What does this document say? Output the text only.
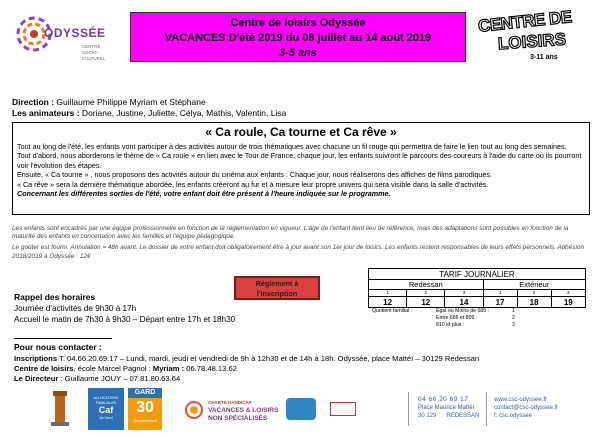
ODYSSÉE
CENTRE
SOCIO-
CULTUREL
Centre de loisirs Odyssée
VACANCES D'été 2019 du 08 juillet au 14 août 2019
3-5 ans
CENTRE DE
LOISIRS
3-11 ans
Direction : Guillaume Philippe Myriam et Stéphane
Les animateurs : Doriane, Justine, Juliette, Célya, Mathis, Valentin, Lisa
« Ca roule, Ca tourne et Ca rêve »

Tout au long de l'été, les enfants vont participer à des activités autour de trois thématiques avec chacune un fil rouge qui permettra de faire le lien tout au long des semaines.

Tout d'abord, nous aborderons le thème de « Ca roule » en lien avec le Tour de France, chaque jour, les enfants suivront le parcours des coureurs à l'aide du carte où ils pourront voir l'évolution des étapes.

Ensuite, « Ca tourne » , nous proposons des activités autour du cinéma aux enfants . Chaque jour, nous réaliserons des affiches de films parodiques.

« Ca rêve » sera la dernière thématique abordée, les enfants créeront au fur et à mesure leur propre univers qui sera visible dans la salle d'activités.

Concernant les différentes sorties de l'été, votre enfant doit être présent à l'heure indiquée sur le programme.

Les enfants sont encadrés par une équipe professionnelle en fonction de la réglementation en vigueur. L'âge de l'enfant tient lieu de référence, mais des adaptations sont possibles en fonction de la maturité des enfants en concertation avec les familles et l'équipe pédagogique.

Le goûter est fourni. Annulation = 48h avant. Le dossier de votre enfant doit obligatoirement être à jour avant son 1er jour de loisirs. Les enfants restent responsables de leurs effets personnels. Adhésion 2018/2019 à Odyssée : 12€

Règlement à
l'inscription
Rappel des horaires
Journée d'activités de 9h30 à 17h
Accueil le matin de 7h30 à 9h30 – Départ entre 17h et 18h30
TARIF JOURNALIER					
Redessan			Extérieur		
1	2	3	1	2	3
12	12	14	17	18	19
Quotient familial :	Egal ou Moins de 685 :	1
Entre 686 et 809 :	2
810 et plus :	3
Pour nous contacter :
Inscriptions T. 04.66.20.69.17 – Lundi, mardi, jeudi et vendredi de 9h à 12h30 et de 14h à 18h. Odyssée, place Mattéï – 30129 Redessan
Centre de loisirs, école Marcel Pagnol : Myriam : 06.78.48.13.62
Le Directeur : Guillaume JOUY – 07.81.80.63.64
ALLOCATIONS
FAMILIALES
Caf
du Gard
GARD
30
Département
CHARTE HANDICAP
VACANCES & LOISIRS
NON SPÉCIALISÉS
04 66 20 69 17
Place Maurice Mattéï
30 129 REDESSAN
www.csc-odyssee.fr
contact@csc-odyssee.fr
f: csc.odyssee
